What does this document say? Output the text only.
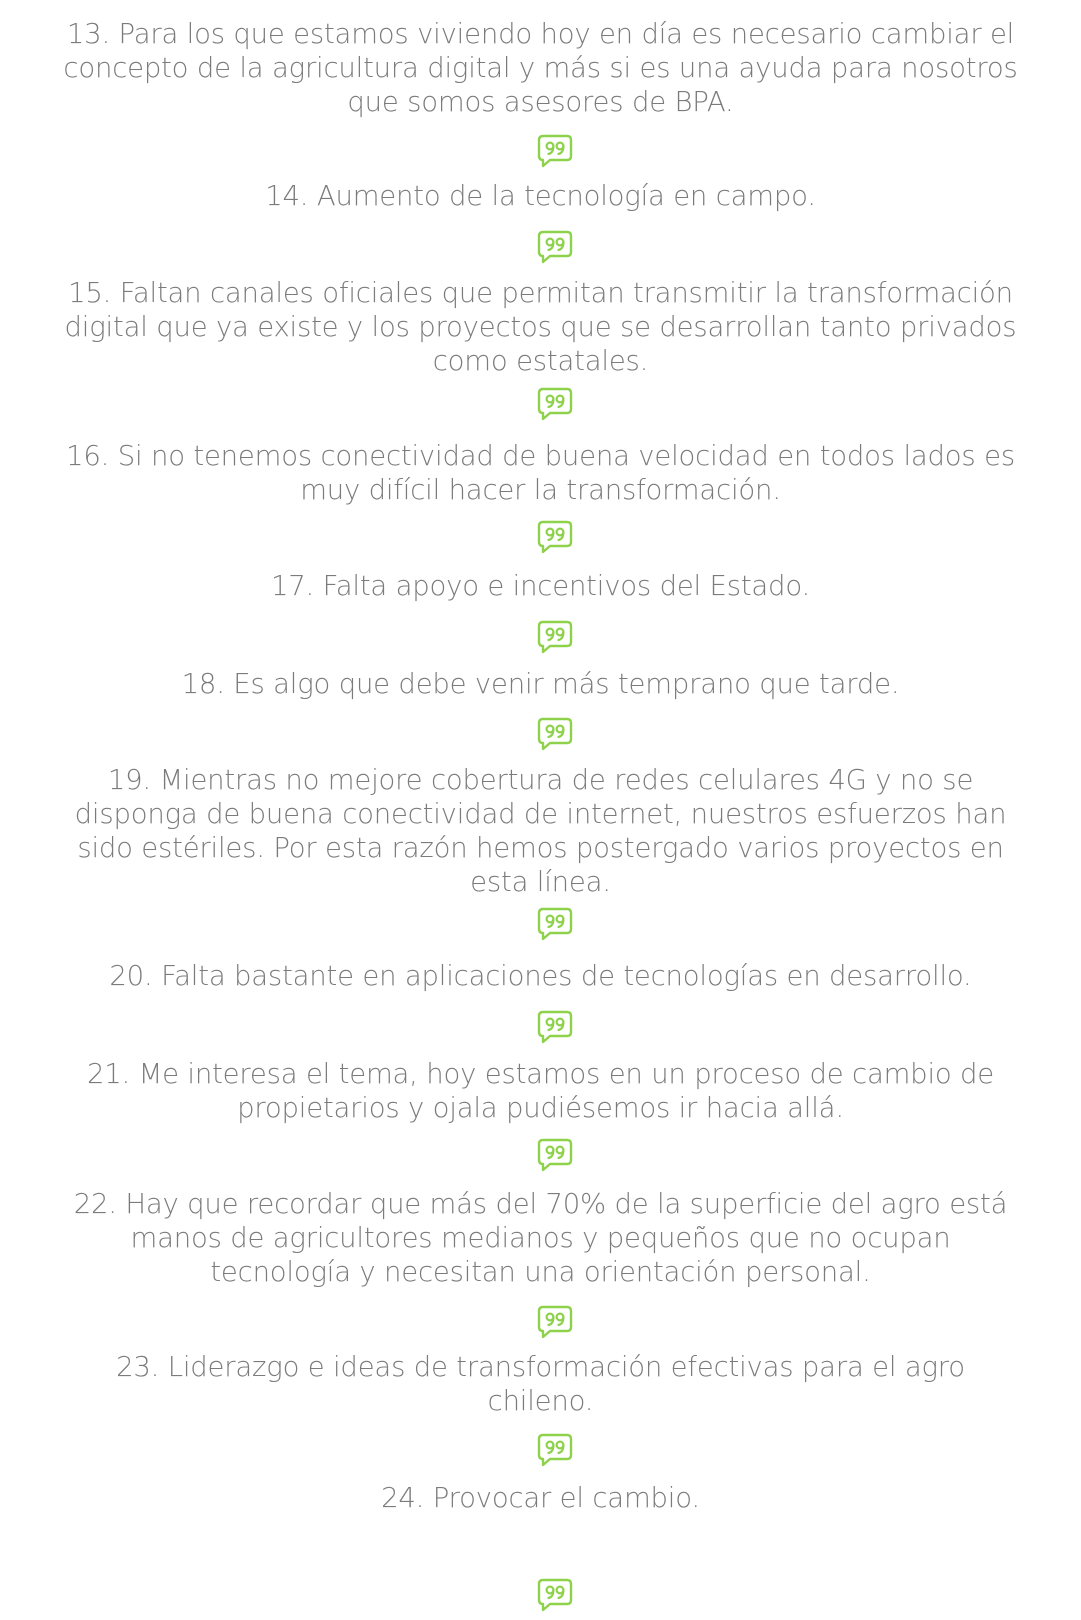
13. Para los que estamos viviendo hoy en día es necesario cambiar el concepto de la agricultura digital y más si es una ayuda para nosotros que somos asesores de BPA.
14. Aumento de la tecnología en campo.
15. Faltan canales oficiales que permitan transmitir la transformación digital que ya existe y los proyectos que se desarrollan tanto privados como estatales.
16. Si no tenemos conectividad de buena velocidad en todos lados es muy difícil hacer la transformación.
17. Falta apoyo e incentivos del Estado.
18. Es algo que debe venir más temprano que tarde.
19. Mientras no mejore cobertura de redes celulares 4G y no se disponga de buena conectividad de internet, nuestros esfuerzos han sido estériles. Por esta razón hemos postergado varios proyectos en esta línea.
20. Falta bastante en aplicaciones de tecnologías en desarrollo.
21. Me interesa el tema, hoy estamos en un proceso de cambio de propietarios y ojala pudiésemos ir hacia allá.
22. Hay que recordar que más del 70% de la superficie del agro está manos de agricultores medianos y pequeños que no ocupan tecnología y necesitan una orientación personal.
23. Liderazgo e ideas de transformación efectivas para el agro chileno.
24. Provocar el cambio.
